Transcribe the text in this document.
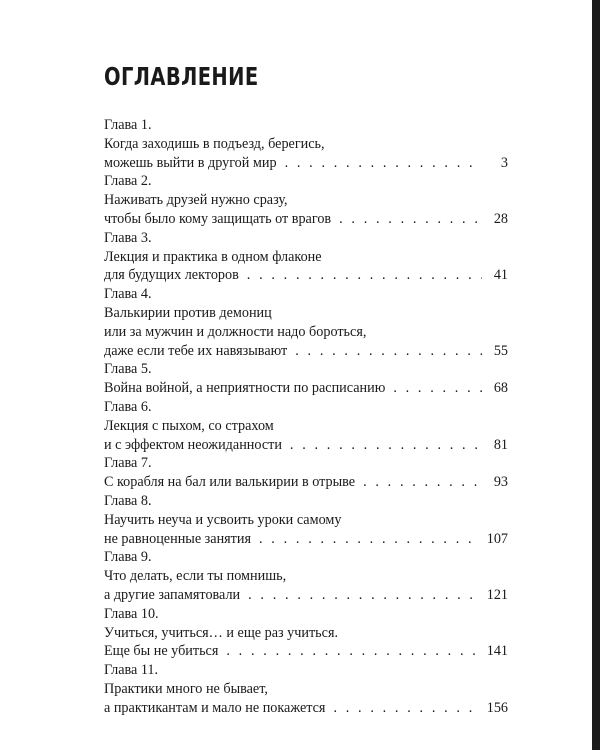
ОГЛАВЛЕНИЕ
Глава 1.
Когда заходишь в подъезд, берегись,
можешь выйти в другой мир . . .	3
Глава 2.
Наживать друзей нужно сразу,
чтобы было кому защищать от врагов . . .	28
Глава 3.
Лекция и практика в одном флаконе
для будущих лекторов . . .	41
Глава 4.
Валькирии против демониц
или за мужчин и должности надо бороться,
даже если тебе их навязывают . . .	55
Глава 5.
Война войной, а неприятности по расписанию . . .	68
Глава 6.
Лекция с пыхом, со страхом
и с эффектом неожиданности . . .	81
Глава 7.
С корабля на бал или валькирии в отрыве . . .	93
Глава 8.
Научить неуча и усвоить уроки самому
не равноценные занятия . . .	107
Глава 9.
Что делать, если ты помнишь,
а другие запамятовали . . .	121
Глава 10.
Учиться, учиться… и еще раз учиться.
Еще бы не убиться . . .	141
Глава 11.
Практики много не бывает,
а практикантам и мало не покажется . . .	156
